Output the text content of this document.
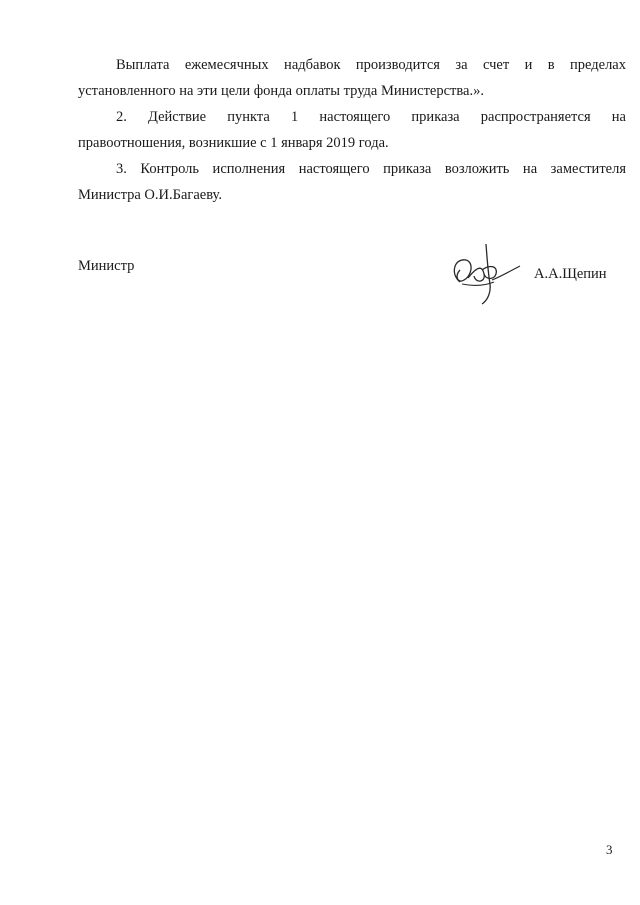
Выплата ежемесячных надбавок производится за счет и в пределах
установленного на эти цели фонда оплаты труда Министерства.».
2. Действие пункта 1 настоящего приказа распространяется на
правоотношения, возникшие с 1 января 2019 года.
3. Контроль исполнения настоящего приказа возложить на заместителя
Министра О.И.Багаеву.
Министр	А.А.Щепин
3
